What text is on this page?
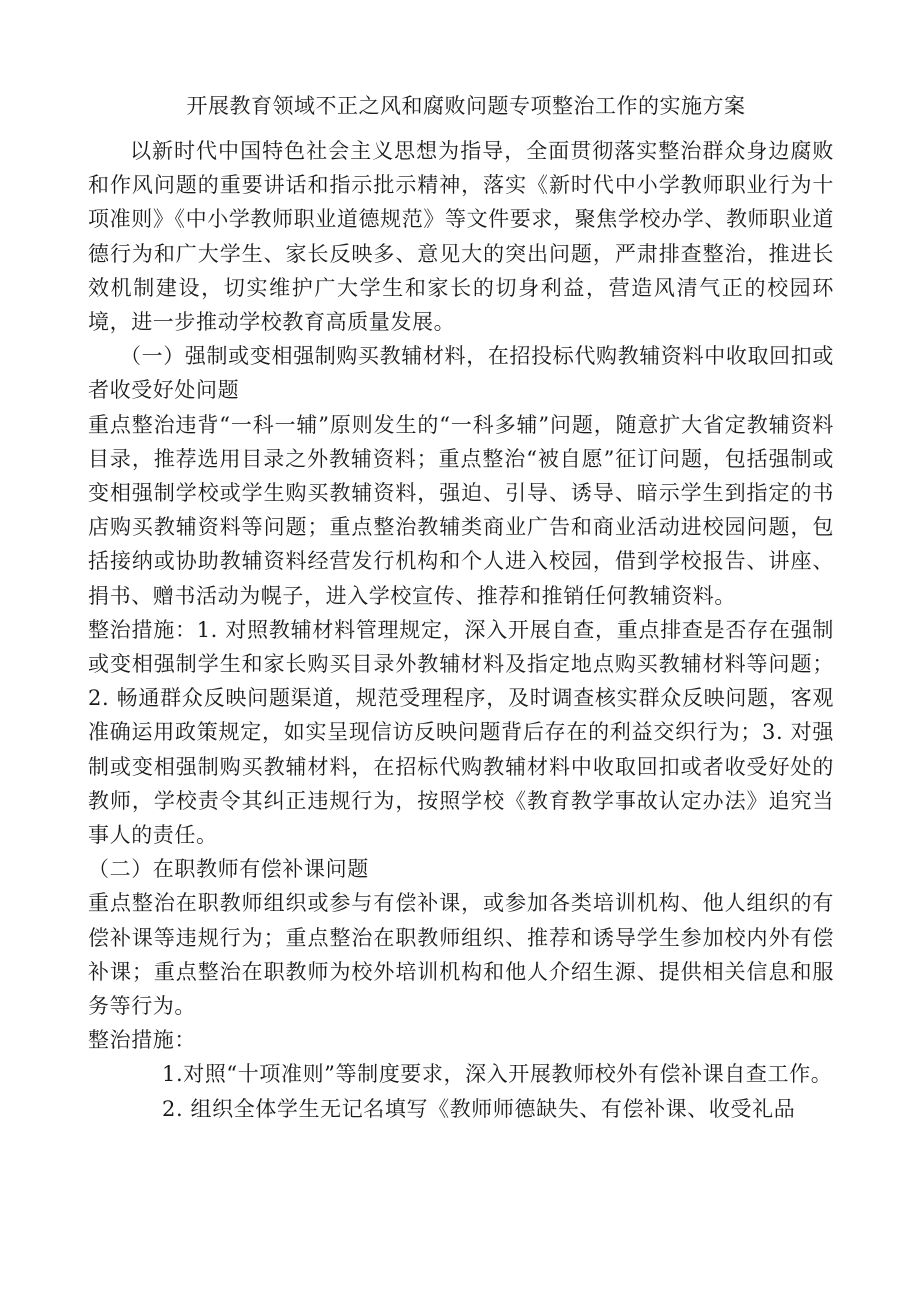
开展教育领域不正之风和腐败问题专项整治工作的实施方案

以新时代中国特色社会主义思想为指导，全面贯彻落实整治群众身边腐败和作风问题的重要讲话和指示批示精神，落实《新时代中小学教师职业行为十项准则》《中小学教师职业道德规范》等文件要求，聚焦学校办学、教师职业道德行为和广大学生、家长反映多、意见大的突出问题，严肃排查整治，推进长效机制建设，切实维护广大学生和家长的切身利益，营造风清气正的校园环境，进一步推动学校教育高质量发展。

（一）强制或变相强制购买教辅材料，在招投标代购教辅资料中收取回扣或者收受好处问题

重点整治违背“一科一辅”原则发生的“一科多辅”问题，随意扩大省定教辅资料目录，推荐选用目录之外教辅资料；重点整治“被自愿”征订问题，包括强制或变相强制学校或学生购买教辅资料，强迫、引导、诱导、暗示学生到指定的书店购买教辅资料等问题；重点整治教辅类商业广告和商业活动进校园问题，包括接纳或协助教辅资料经营发行机构和个人进入校园，借到学校报告、讲座、捐书、赠书活动为幌子，进入学校宣传、推荐和推销任何教辅资料。

整治措施：1. 对照教辅材料管理规定，深入开展自查，重点排查是否存在强制或变相强制学生和家长购买目录外教辅材料及指定地点购买教辅材料等问题；2. 畅通群众反映问题渠道，规范受理程序，及时调查核实群众反映问题，客观准确运用政策规定，如实呈现信访反映问题背后存在的利益交织行为；3. 对强制或变相强制购买教辅材料，在招标代购教辅材料中收取回扣或者收受好处的教师，学校责令其纠正违规行为，按照学校《教育教学事故认定办法》追究当事人的责任。

（二）在职教师有偿补课问题

重点整治在职教师组织或参与有偿补课，或参加各类培训机构、他人组织的有偿补课等违规行为；重点整治在职教师组织、推荐和诱导学生参加校内外有偿补课；重点整治在职教师为校外培训机构和他人介绍生源、提供相关信息和服务等行为。

整治措施：

1.对照“十项准则”等制度要求，深入开展教师校外有偿补课自查工作。

2. 组织全体学生无记名填写《教师师德缺失、有偿补课、收受礼品
